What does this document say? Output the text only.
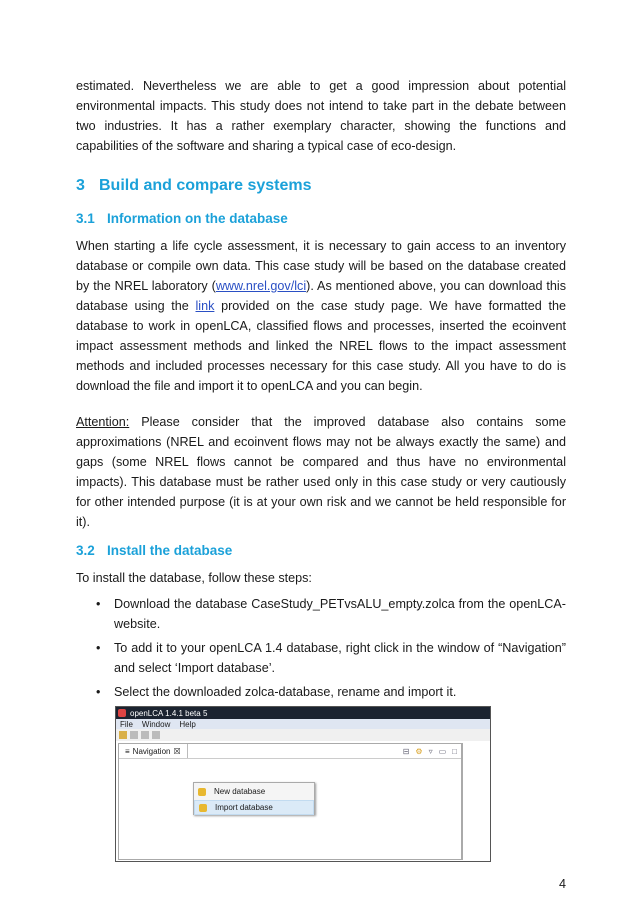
estimated. Nevertheless we are able to get a good impression about potential environmental impacts. This study does not intend to take part in the debate between two industries. It has a rather exemplary character, showing the functions and capabilities of the software and sharing a typical case of eco-design.

3 Build and compare systems
3.1 Information on the database

When starting a life cycle assessment, it is necessary to gain access to an inventory database or compile own data. This case study will be based on the database created by the NREL laboratory (www.nrel.gov/lci). As mentioned above, you can download this database using the link provided on the case study page. We have formatted the database to work in openLCA, classified flows and processes, inserted the ecoinvent impact assessment methods and linked the NREL flows to the impact assessment methods and included processes necessary for this case study. All you have to do is download the file and import it to openLCA and you can begin.

Attention: Please consider that the improved database also contains some approximations (NREL and ecoinvent flows may not be always exactly the same) and gaps (some NREL flows cannot be compared and thus have no environmental impacts). This database must be rather used only in this case study or very cautiously for other intended purpose (it is at your own risk and we cannot be held responsible for it).

3.2 Install the database

To install the database, follow these steps:

• Download the database CaseStudy_PETvsALU_empty.zolca from the openLCA-website.
• To add it to your openLCA 1.4 database, right click in the window of “Navigation” and select ‘Import database’.
• Select the downloaded zolca-database, rename and import it.
openLCA 1.4.1 beta 5
File Window Help
≡ Navigation ☒	⊟ ⚙ ▿ ▭ □
New database
Import database
4
